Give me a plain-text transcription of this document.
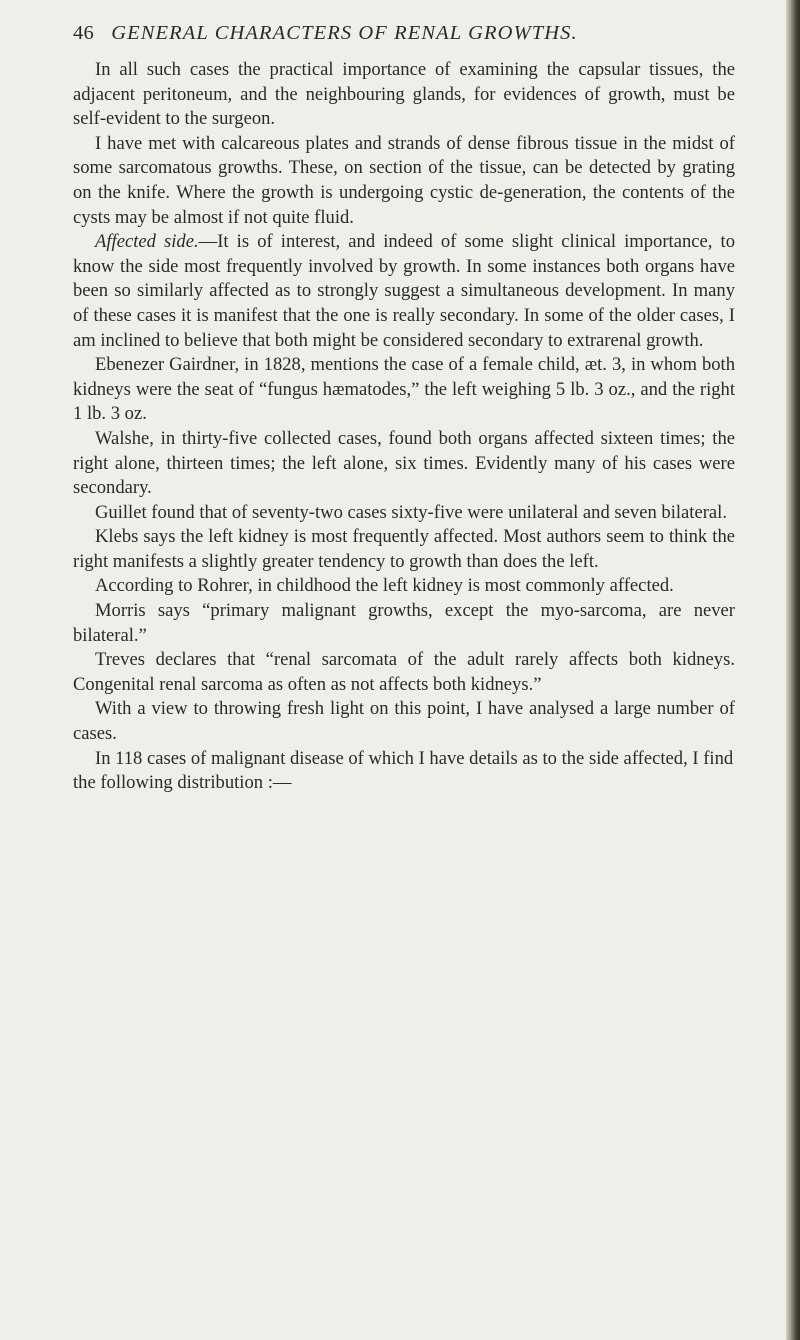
46 GENERAL CHARACTERS OF RENAL GROWTHS.

In all such cases the practical importance of examining the capsular tissues, the adjacent peritoneum, and the neighbouring glands, for evidences of growth, must be self-evident to the surgeon.

I have met with calcareous plates and strands of dense fibrous tissue in the midst of some sarcomatous growths. These, on section of the tissue, can be detected by grating on the knife. Where the growth is undergoing cystic de-generation, the contents of the cysts may be almost if not quite fluid.

Affected side.—It is of interest, and indeed of some slight clinical importance, to know the side most frequently involved by growth. In some instances both organs have been so similarly affected as to strongly suggest a simultaneous development. In many of these cases it is manifest that the one is really secondary. In some of the older cases, I am inclined to believe that both might be considered secondary to extrarenal growth.

Ebenezer Gairdner, in 1828, mentions the case of a female child, æt. 3, in whom both kidneys were the seat of “fungus hæmatodes,” the left weighing 5 lb. 3 oz., and the right 1 lb. 3 oz.

Walshe, in thirty-five collected cases, found both organs affected sixteen times; the right alone, thirteen times; the left alone, six times. Evidently many of his cases were secondary.

Guillet found that of seventy-two cases sixty-five were unilateral and seven bilateral.

Klebs says the left kidney is most frequently affected. Most authors seem to think the right manifests a slightly greater tendency to growth than does the left.

According to Rohrer, in childhood the left kidney is most commonly affected.

Morris says “primary malignant growths, except the myo-sarcoma, are never bilateral.”

Treves declares that “renal sarcomata of the adult rarely affects both kidneys. Congenital renal sarcoma as often as not affects both kidneys.”

With a view to throwing fresh light on this point, I have analysed a large number of cases.

In 118 cases of malignant disease of which I have details as to the side affected, I find the following distribution :—
